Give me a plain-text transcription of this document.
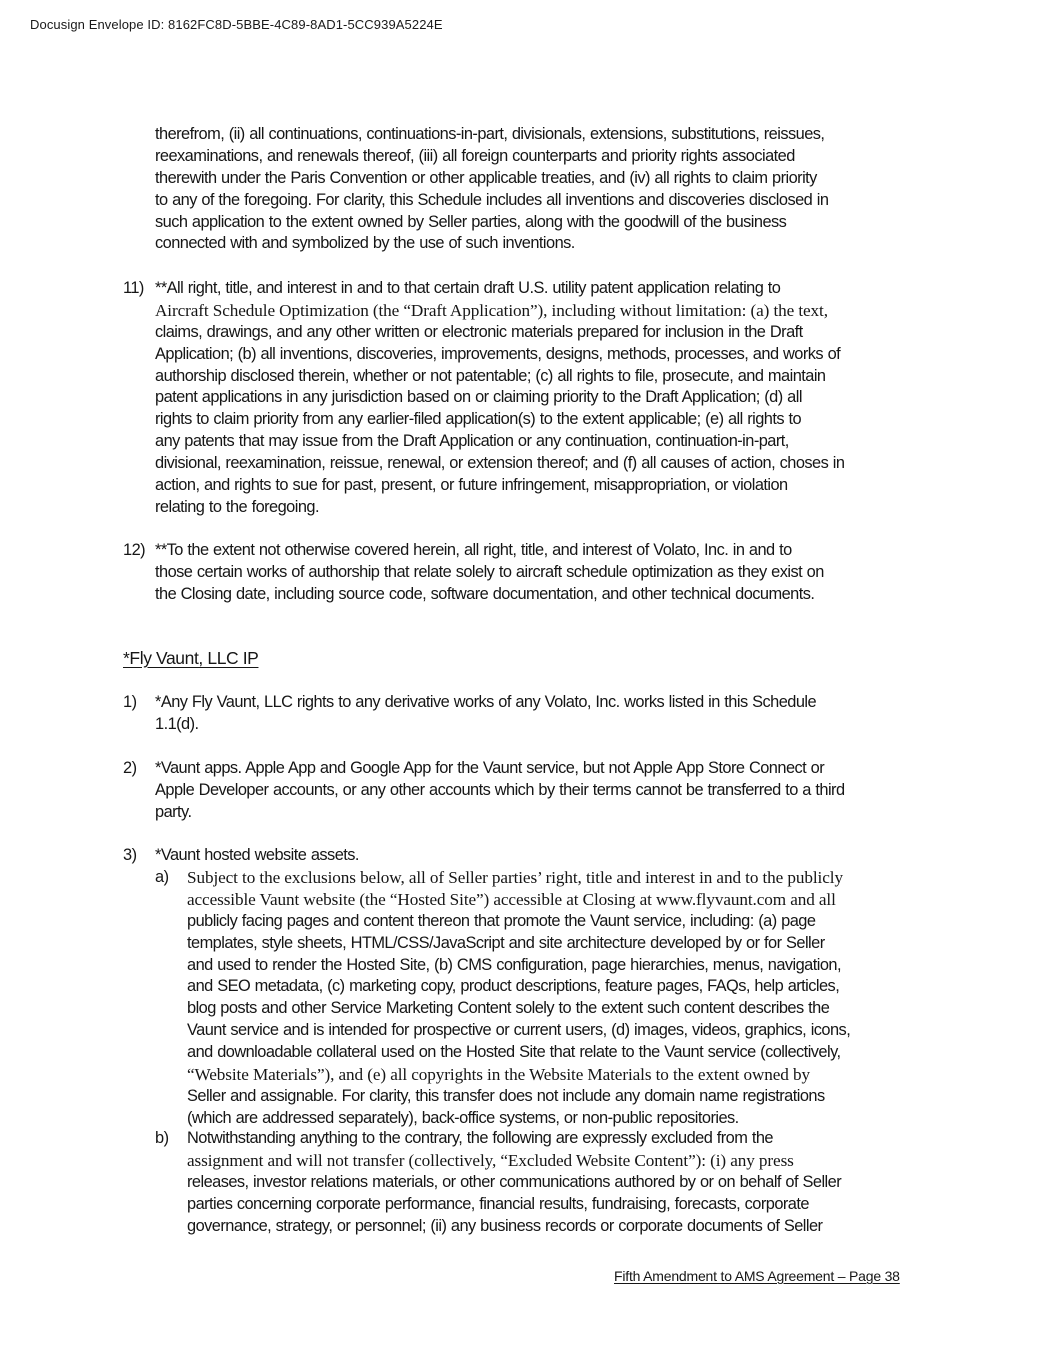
Docusign Envelope ID: 8162FC8D-5BBE-4C89-8AD1-5CC939A5224E
therefrom, (ii) all continuations, continuations-in-part, divisionals, extensions, substitutions, reissues,
reexaminations, and renewals thereof, (iii) all foreign counterparts and priority rights associated
therewith under the Paris Convention or other applicable treaties, and (iv) all rights to claim priority
to any of the foregoing. For clarity, this Schedule includes all inventions and discoveries disclosed in
such application to the extent owned by Seller parties, along with the goodwill of the business
connected with and symbolized by the use of such inventions.
11) **All right, title, and interest in and to that certain draft U.S. utility patent application relating to
Aircraft Schedule Optimization (the “Draft Application”), including without limitation: (a) the text,
claims, drawings, and any other written or electronic materials prepared for inclusion in the Draft
Application; (b) all inventions, discoveries, improvements, designs, methods, processes, and works of
authorship disclosed therein, whether or not patentable; (c) all rights to file, prosecute, and maintain
patent applications in any jurisdiction based on or claiming priority to the Draft Application; (d) all
rights to claim priority from any earlier-filed application(s) to the extent applicable; (e) all rights to
any patents that may issue from the Draft Application or any continuation, continuation-in-part,
divisional, reexamination, reissue, renewal, or extension thereof; and (f) all causes of action, choses in
action, and rights to sue for past, present, or future infringement, misappropriation, or violation
relating to the foregoing.
12) **To the extent not otherwise covered herein, all right, title, and interest of Volato, Inc. in and to
those certain works of authorship that relate solely to aircraft schedule optimization as they exist on
the Closing date, including source code, software documentation, and other technical documents.
*Fly Vaunt, LLC IP
1) *Any Fly Vaunt, LLC rights to any derivative works of any Volato, Inc. works listed in this Schedule
1.1(d).
2) *Vaunt apps. Apple App and Google App for the Vaunt service, but not Apple App Store Connect or
Apple Developer accounts, or any other accounts which by their terms cannot be transferred to a third
party.
3) *Vaunt hosted website assets.
a) Subject to the exclusions below, all of Seller parties’ right, title and interest in and to the publicly
accessible Vaunt website (the “Hosted Site”) accessible at Closing at www.flyvaunt.com and all
publicly facing pages and content thereon that promote the Vaunt service, including: (a) page
templates, style sheets, HTML/CSS/JavaScript and site architecture developed by or for Seller
and used to render the Hosted Site, (b) CMS configuration, page hierarchies, menus, navigation,
and SEO metadata, (c) marketing copy, product descriptions, feature pages, FAQs, help articles,
blog posts and other Service Marketing Content solely to the extent such content describes the
Vaunt service and is intended for prospective or current users, (d) images, videos, graphics, icons,
and downloadable collateral used on the Hosted Site that relate to the Vaunt service (collectively,
“Website Materials”), and (e) all copyrights in the Website Materials to the extent owned by
Seller and assignable. For clarity, this transfer does not include any domain name registrations
(which are addressed separately), back-office systems, or non-public repositories.
b) Notwithstanding anything to the contrary, the following are expressly excluded from the
assignment and will not transfer (collectively, “Excluded Website Content”): (i) any press
releases, investor relations materials, or other communications authored by or on behalf of Seller
parties concerning corporate performance, financial results, fundraising, forecasts, corporate
governance, strategy, or personnel; (ii) any business records or corporate documents of Seller
Fifth Amendment to AMS Agreement – Page 38
